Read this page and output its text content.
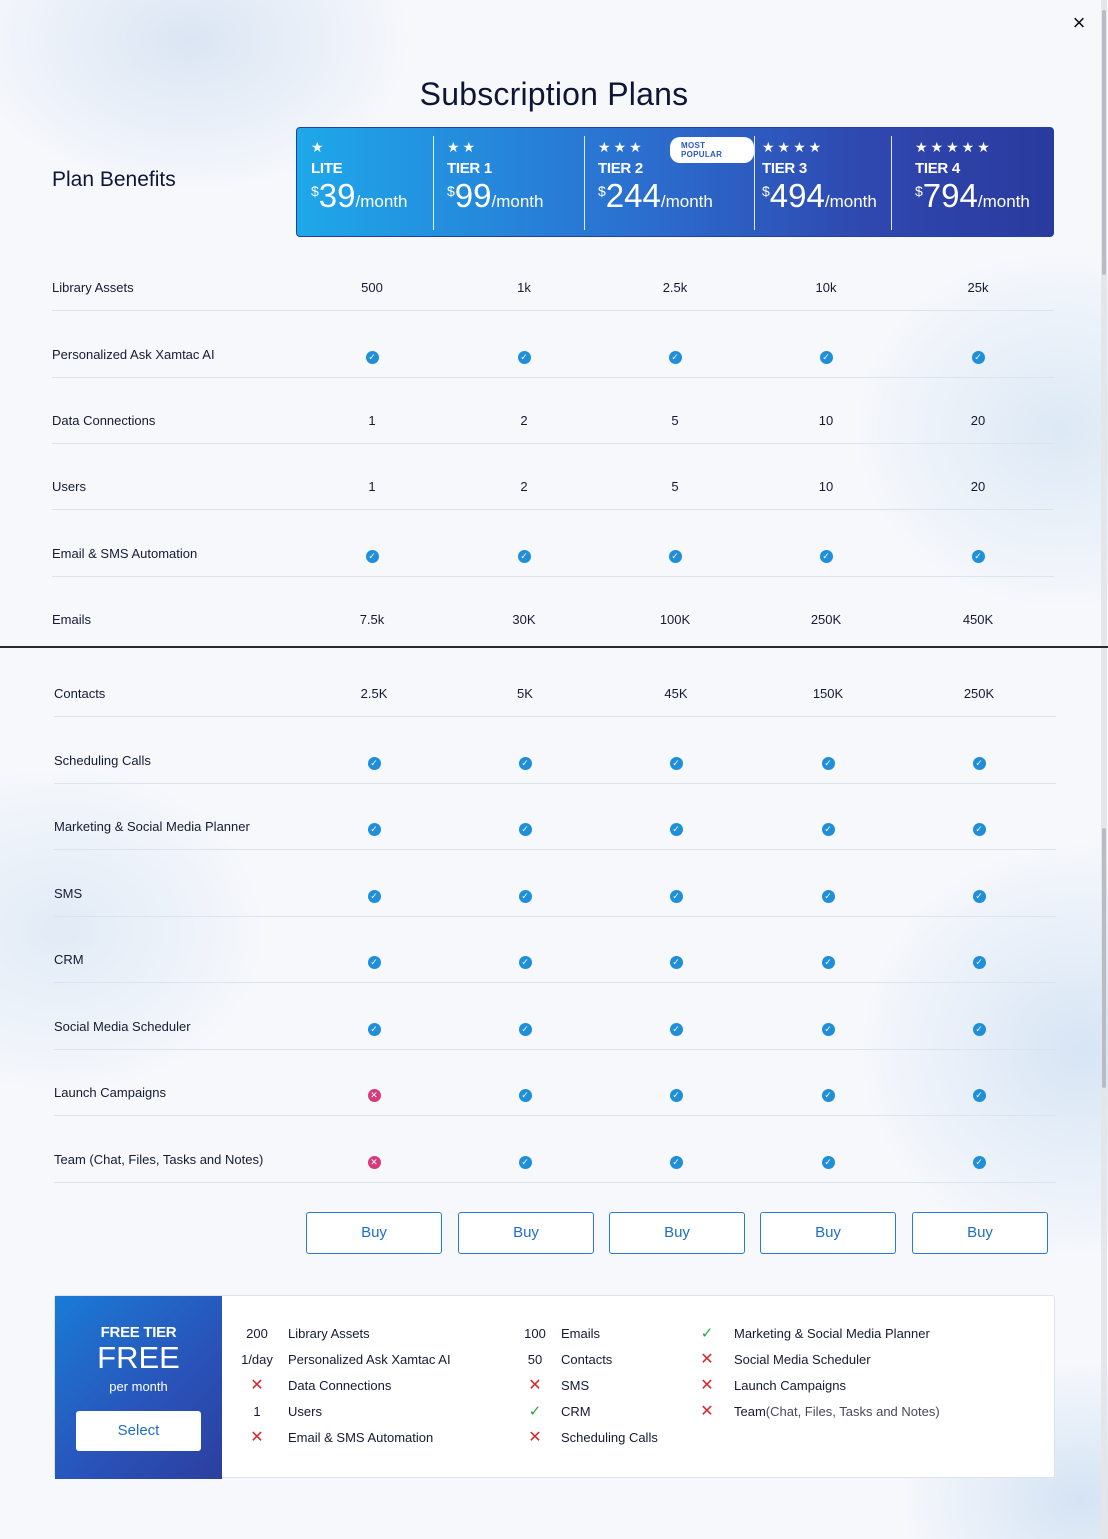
×
Subscription Plans
Plan Benefits
★
LITE
$39/month
★★
TIER 1
$99/month
★★★	MOST POPULAR
TIER 2
$244/month
★★★★
TIER 3
$494/month
★★★★★
TIER 4
$794/month
Library Assets	500	1k	2.5k	10k	25k
Personalized Ask Xamtac AI	✓	✓	✓	✓	✓
Data Connections	1	2	5	10	20
Users	1	2	5	10	20
Email & SMS Automation	✓	✓	✓	✓	✓
Emails	7.5k	30K	100K	250K	450K
Contacts	2.5K	5K	45K	150K	250K
Scheduling Calls	✓	✓	✓	✓	✓
Marketing & Social Media Planner	✓	✓	✓	✓	✓
SMS	✓	✓	✓	✓	✓
CRM	✓	✓	✓	✓	✓
Social Media Scheduler	✓	✓	✓	✓	✓
Launch Campaigns	✕	✓	✓	✓	✓
Team (Chat, Files, Tasks and Notes)	✕	✓	✓	✓	✓
Buy	Buy	Buy	Buy	Buy
FREE TIER
FREE
per month
Select
200	Library Assets
1/day	Personalized Ask Xamtac AI
✕	Data Connections
1	Users
✕	Email & SMS Automation
100	Emails
50	Contacts
✕	SMS
✓	CRM
✕	Scheduling Calls
✓	Marketing & Social Media Planner
✕	Social Media Scheduler
✕	Launch Campaigns
✕	Team(Chat, Files, Tasks and Notes)
